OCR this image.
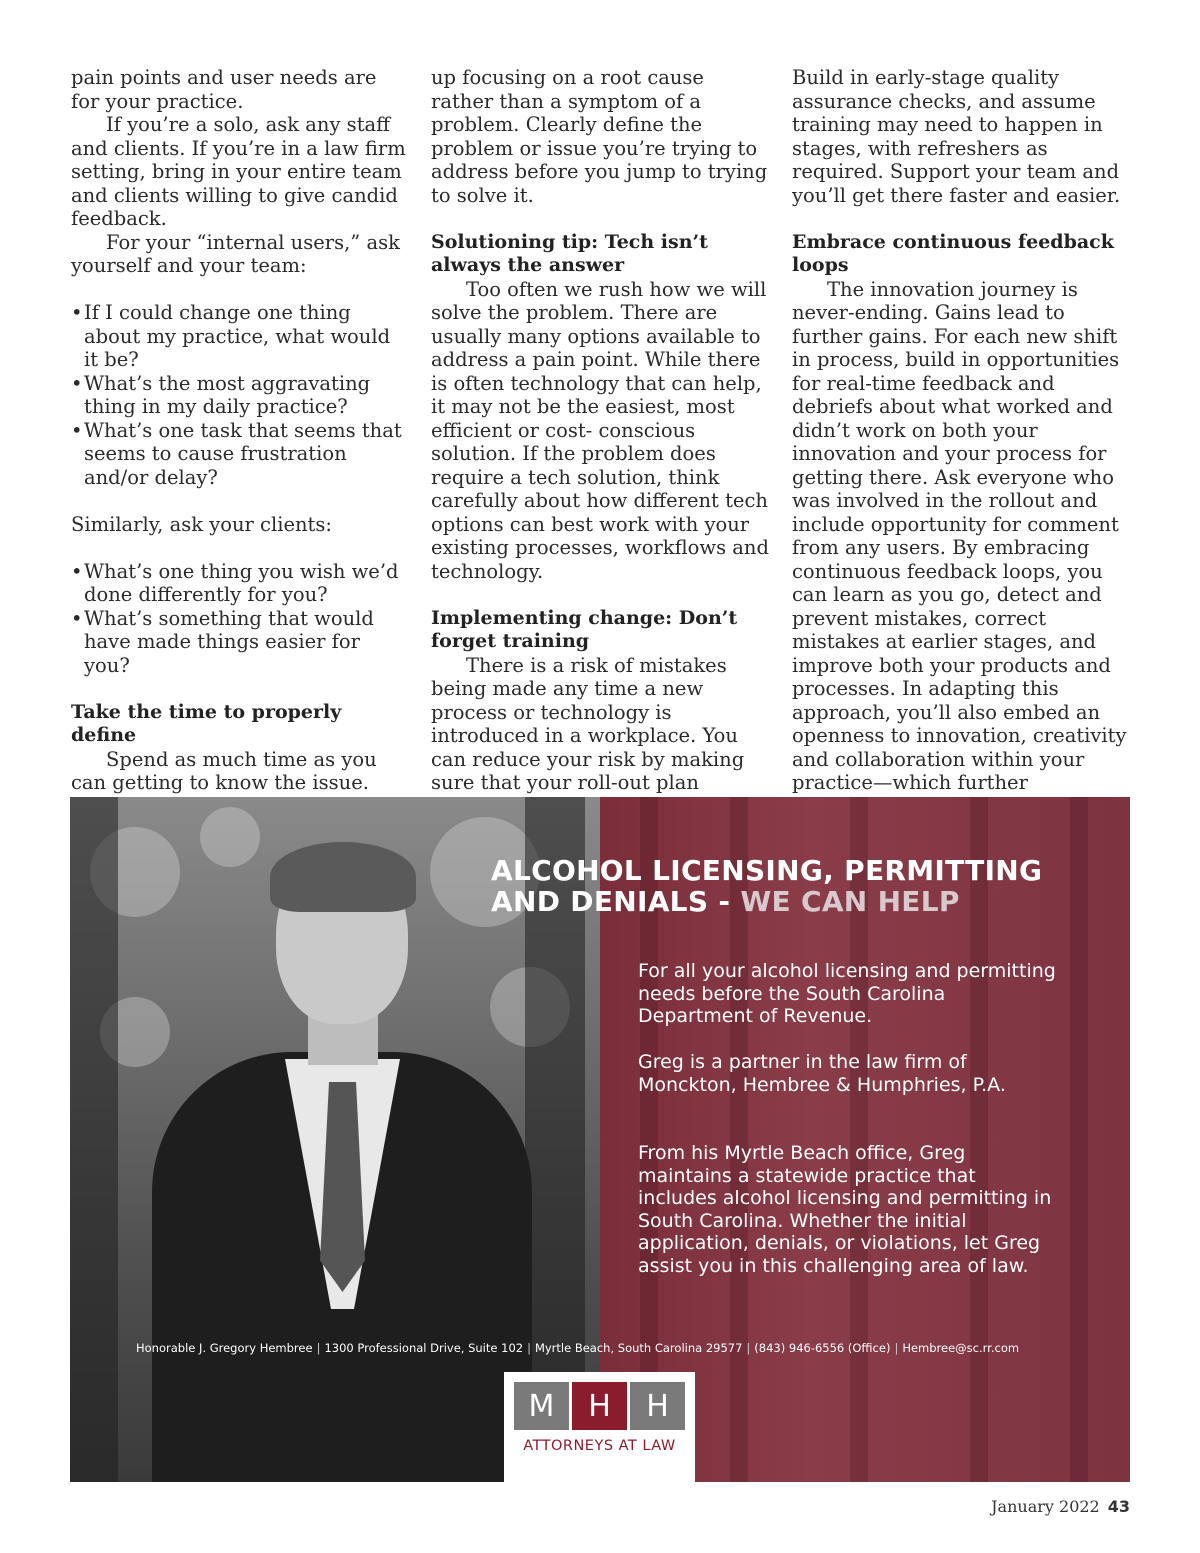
pain points and user needs are for your practice.

If you’re a solo, ask any staff and clients. If you’re in a law firm setting, bring in your entire team and clients willing to give candid feedback.

For your “internal users,” ask yourself and your team:

• If I could change one thing about my practice, what would it be?
• What’s the most aggravating thing in my daily practice?
• What’s one task that seems that seems to cause frustration and/or delay?

Similarly, ask your clients:

• What’s one thing you wish we’d done differently for you?
• What’s something that would have made things easier for you?
Take the time to properly define

Spend as much time as you can getting to know the issue.

up focusing on a root cause rather than a symptom of a problem. Clearly define the problem or issue you’re trying to address before you jump to trying to solve it.

Solutioning tip: Tech isn’t always the answer

Too often we rush how we will solve the problem. There are usually many options available to address a pain point. While there is often technology that can help, it may not be the easiest, most efficient or cost- conscious solution. If the problem does require a tech solution, think carefully about how different tech options can best work with your existing processes, workflows and technology.

Implementing change: Don’t forget training

There is a risk of mistakes being made any time a new process or technology is introduced in a workplace. You can reduce your risk by making sure that your roll-out plan

Build in early-stage quality assurance checks, and assume training may need to happen in stages, with refreshers as required. Support your team and you’ll get there faster and easier.

Embrace continuous feedback loops

The innovation journey is never-ending. Gains lead to further gains. For each new shift in process, build in opportunities for real-time feedback and debriefs about what worked and didn’t work on both your innovation and your process for getting there. Ask everyone who was involved in the rollout and include opportunity for comment from any users. By embracing continuous feedback loops, you can learn as you go, detect and prevent mistakes, correct mistakes at earlier stages, and improve both your products and processes. In adapting this approach, you’ll also embed an openness to innovation, creativity and collaboration within your practice—which further

ALCOHOL LICENSING, PERMITTING
AND DENIALS - WE CAN HELP
For all your alcohol licensing and permitting needs before the South Carolina Department of Revenue.
Greg is a partner in the law firm of Monckton, Hembree & Humphries, P.A.
From his Myrtle Beach office, Greg maintains a statewide practice that includes alcohol licensing and permitting in South Carolina. Whether the initial application, denials, or violations, let Greg assist you in this challenging area of law.
Honorable J. Gregory Hembree | 1300 Professional Drive, Suite 102 | Myrtle Beach, South Carolina 29577 | (843) 946-6556 (Office) | Hembree@sc.rr.com
M	H	H
ATTORNEYS AT LAW
January 2022 43
